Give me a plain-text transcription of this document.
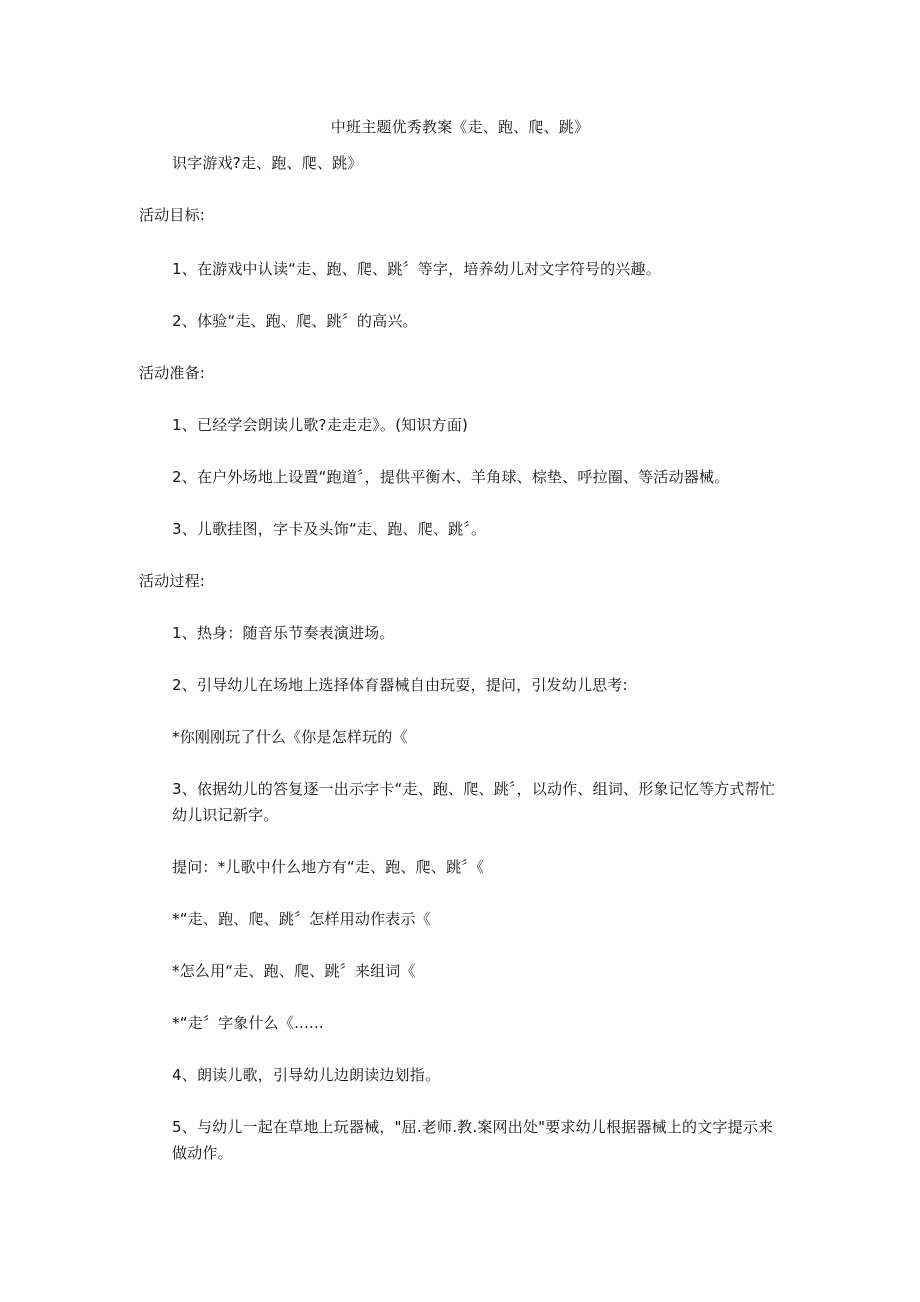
中班主题优秀教案《走、跑、爬、跳》
识字游戏?走、跑、爬、跳》
活动目标:
1、在游戏中认读“走、跑、爬、跳〞等字，培养幼儿对文字符号的兴趣。
2、体验“走、跑、爬、跳〞的高兴。
活动准备:
1、已经学会朗读儿歌?走走走》。(知识方面)
2、在户外场地上设置“跑道〞，提供平衡木、羊角球、棕垫、呼拉圈、等活动器械。
3、儿歌挂图，字卡及头饰“走、跑、爬、跳〞。
活动过程:
1、热身：随音乐节奏表演进场。
2、引导幼儿在场地上选择体育器械自由玩耍，提问，引发幼儿思考:
*你刚刚玩了什么《你是怎样玩的《
3、依据幼儿的答复逐一出示字卡“走、跑、爬、跳〞，以动作、组词、形象记忆等方式帮忙幼儿识记新字。
提问：*儿歌中什么地方有“走、跑、爬、跳〞《
*“走、跑、爬、跳〞怎样用动作表示《
*怎么用“走、跑、爬、跳〞来组词《
*“走〞字象什么《......
4、朗读儿歌，引导幼儿边朗读边划指。
5、与幼儿一起在草地上玩器械，"屈.老师.教.案网出处"要求幼儿根据器械上的文字提示来做动作。
